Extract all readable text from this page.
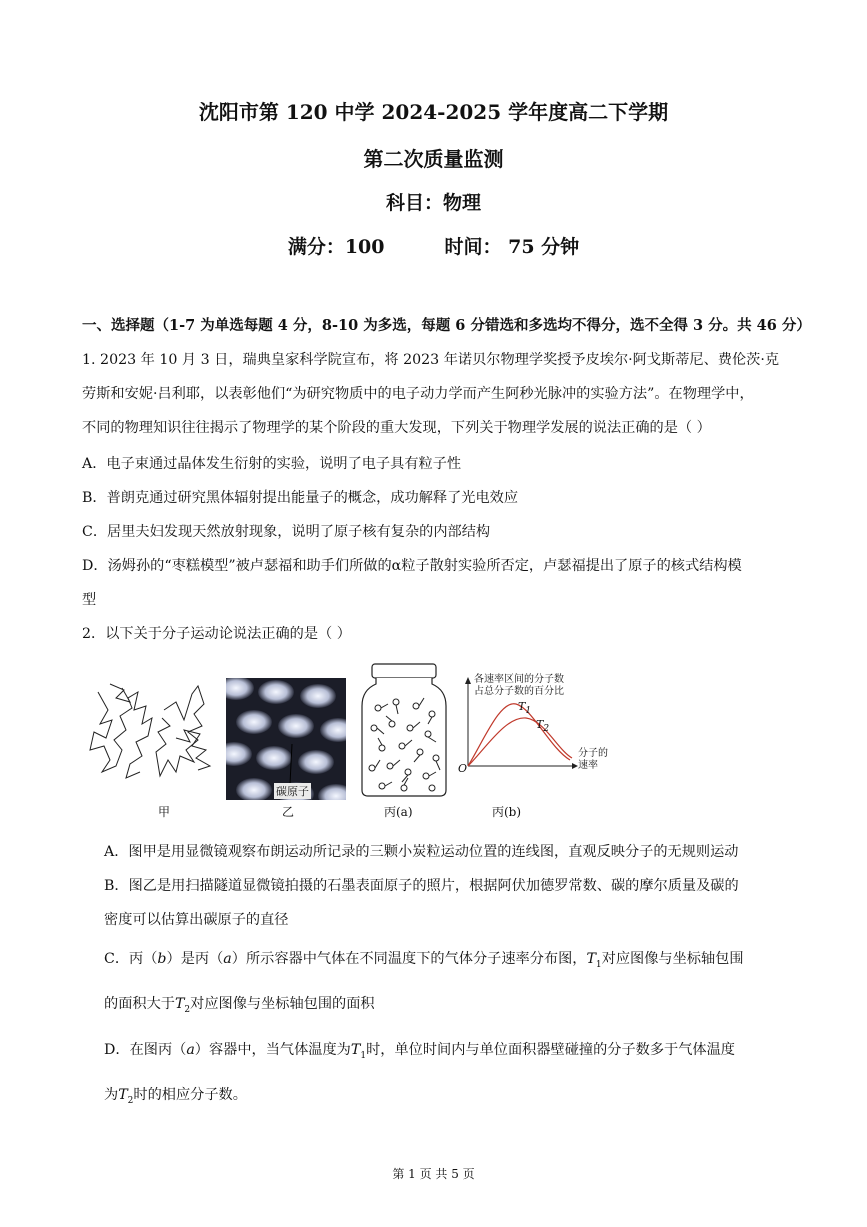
沈阳市第 120 中学 2024-2025 学年度高二下学期
第二次质量监测
科目：物理
满分：100	时间： 75 分钟
一、选择题（1-7 为单选每题 4 分，8-10 为多选，每题 6 分错选和多选均不得分，选不全得 3 分。共 46 分）
1. 2023 年 10 月 3 日，瑞典皇家科学院宣布，将 2023 年诺贝尔物理学奖授予皮埃尔·阿戈斯蒂尼、费伦茨·克
劳斯和安妮·吕利耶，以表彰他们“为研究物质中的电子动力学而产生阿秒光脉冲的实验方法”。在物理学中，
不同的物理知识往往揭示了物理学的某个阶段的重大发现，下列关于物理学发展的说法正确的是（ ）
A．电子束通过晶体发生衍射的实验，说明了电子具有粒子性
B．普朗克通过研究黑体辐射提出能量子的概念，成功解释了光电效应
C．居里夫妇发现天然放射现象，说明了原子核有复杂的内部结构
D．汤姆孙的“枣糕模型”被卢瑟福和助手们所做的α粒子散射实验所否定，卢瑟福提出了原子的核式结构模
型
2．以下关于分子运动论说法正确的是（ ）
甲
碳原子
乙	丙(a)
各速率区间的分子数
占总分子数的百分比
$T_1$
$T_2$
分子的
速率
O
丙(b)
A．图甲是用显微镜观察布朗运动所记录的三颗小炭粒运动位置的连线图，直观反映分子的无规则运动
B．图乙是用扫描隧道显微镜拍摄的石墨表面原子的照片，根据阿伏加德罗常数、碳的摩尔质量及碳的
密度可以估算出碳原子的直径
C．丙（b）是丙（a）所示容器中气体在不同温度下的气体分子速率分布图，$T_1$对应图像与坐标轴包围
的面积大于$T_2$对应图像与坐标轴包围的面积
D．在图丙（a）容器中，当气体温度为$T_1$时，单位时间内与单位面积器壁碰撞的分子数多于气体温度
为$T_2$时的相应分子数。
第 1 页 共 5 页
